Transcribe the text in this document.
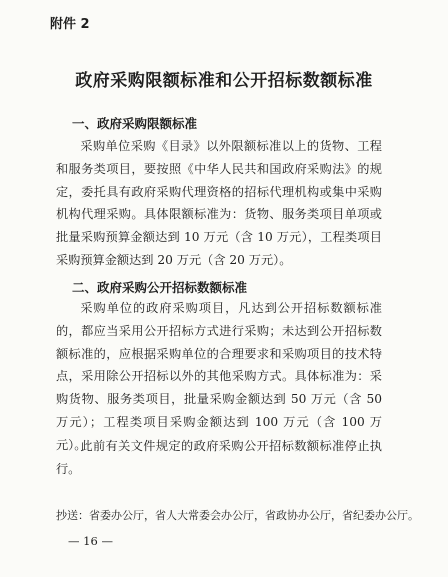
附件 2
政府采购限额标准和公开招标数额标准
一、政府采购限额标准

采购单位采购《目录》以外限额标准以上的货物、工程和服务类项目，要按照《中华人民共和国政府采购法》的规定，委托具有政府采购代理资格的招标代理机构或集中采购机构代理采购。具体限额标准为：货物、服务类项目单项或批量采购预算金额达到 10 万元（含 10 万元），工程类项目采购预算金额达到 20 万元（含 20 万元）。

二、政府采购公开招标数额标准

采购单位的政府采购项目，凡达到公开招标数额标准的，都应当采用公开招标方式进行采购；未达到公开招标数额标准的，应根据采购单位的合理要求和采购项目的技术特点，采用除公开招标以外的其他采购方式。具体标准为：采购货物、服务类项目，批量采购金额达到 50 万元（含 50 万元）；工程类项目采购金额达到 100 万元（含 100 万元）。

此前有关文件规定的政府采购公开招标数额标准停止执行。

抄送：省委办公厅，省人大常委会办公厅，省政协办公厅，省纪委办公厅。
— 16 —
